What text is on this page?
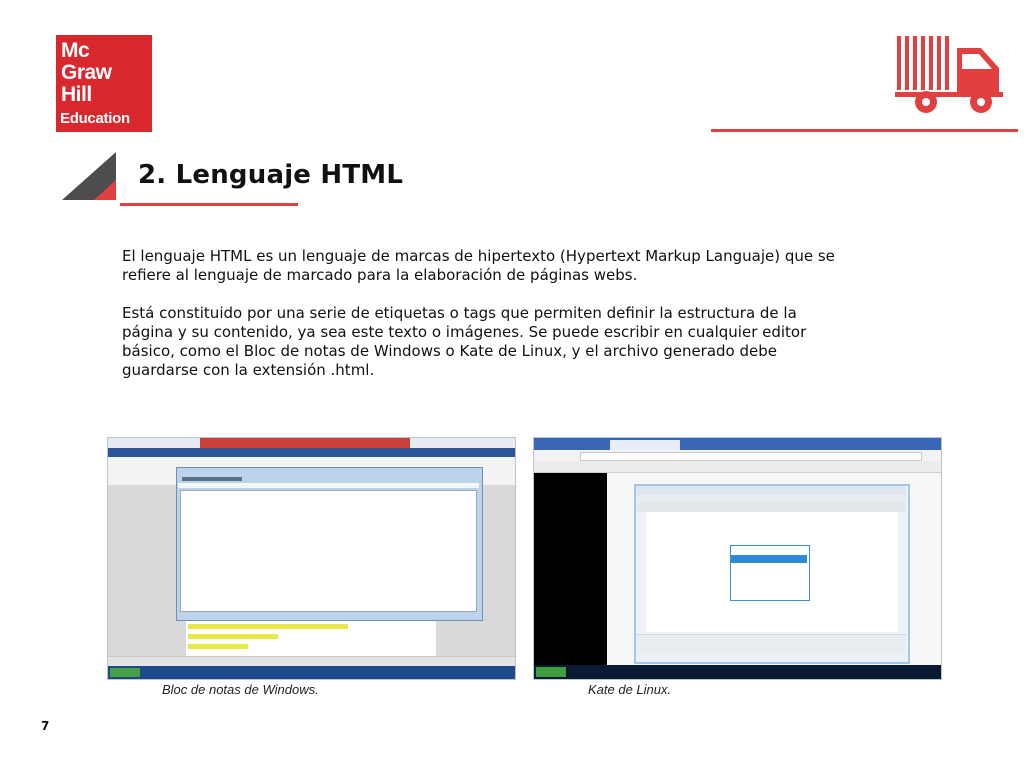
Mc
Graw
Hill
Education
2. Lenguaje HTML

El lenguaje HTML es un lenguaje de marcas de hipertexto (Hypertext Markup Languaje) que se refiere al lenguaje de marcado para la elaboración de páginas webs.

Está constituido por una serie de etiquetas o tags que permiten definir la estructura de la página y su contenido, ya sea este texto o imágenes. Se puede escribir en cualquier editor básico, como el Bloc de notas de Windows o Kate de Linux, y el archivo generado debe guardarse con la extensión .html.

Bloc de notas de Windows.	Kate de Linux.
7
